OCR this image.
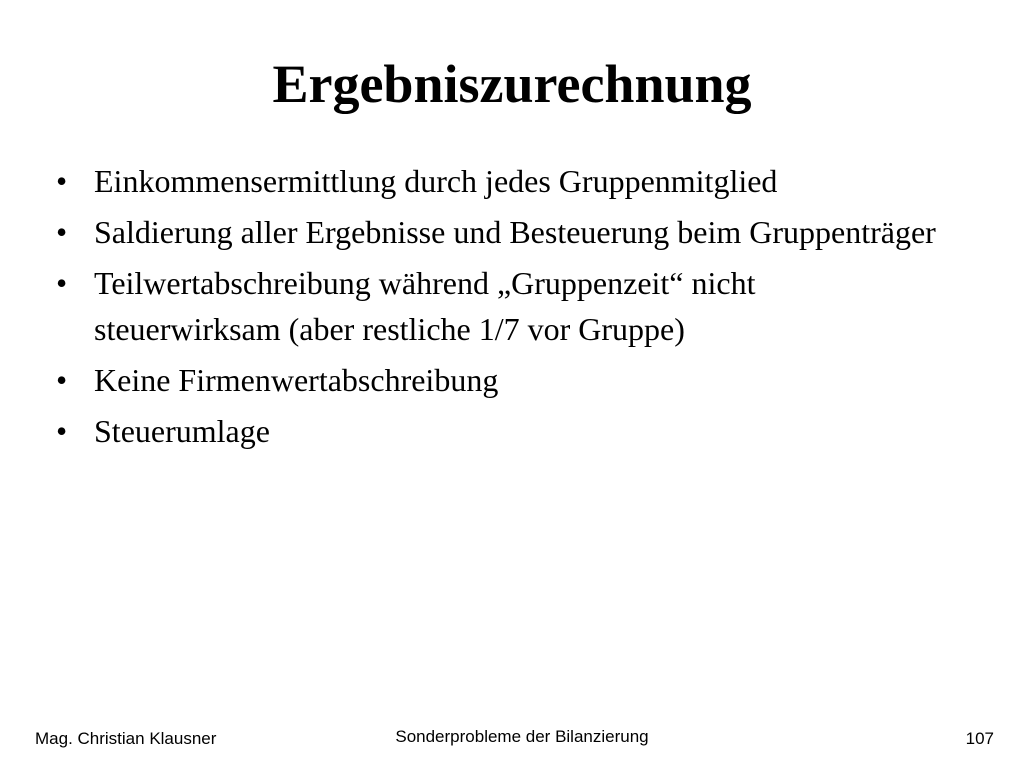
Ergebniszurechnung
• Einkommensermittlung durch jedes Gruppenmitglied
• Saldierung aller Ergebnisse und Besteuerung beim Gruppenträger
• Teilwertabschreibung während „Gruppenzeit“ nicht steuerwirksam (aber restliche 1/7 vor Gruppe)
• Keine Firmenwertabschreibung
• Steuerumlage
Mag. Christian Klausner	Sonderprobleme der Bilanzierung	107
